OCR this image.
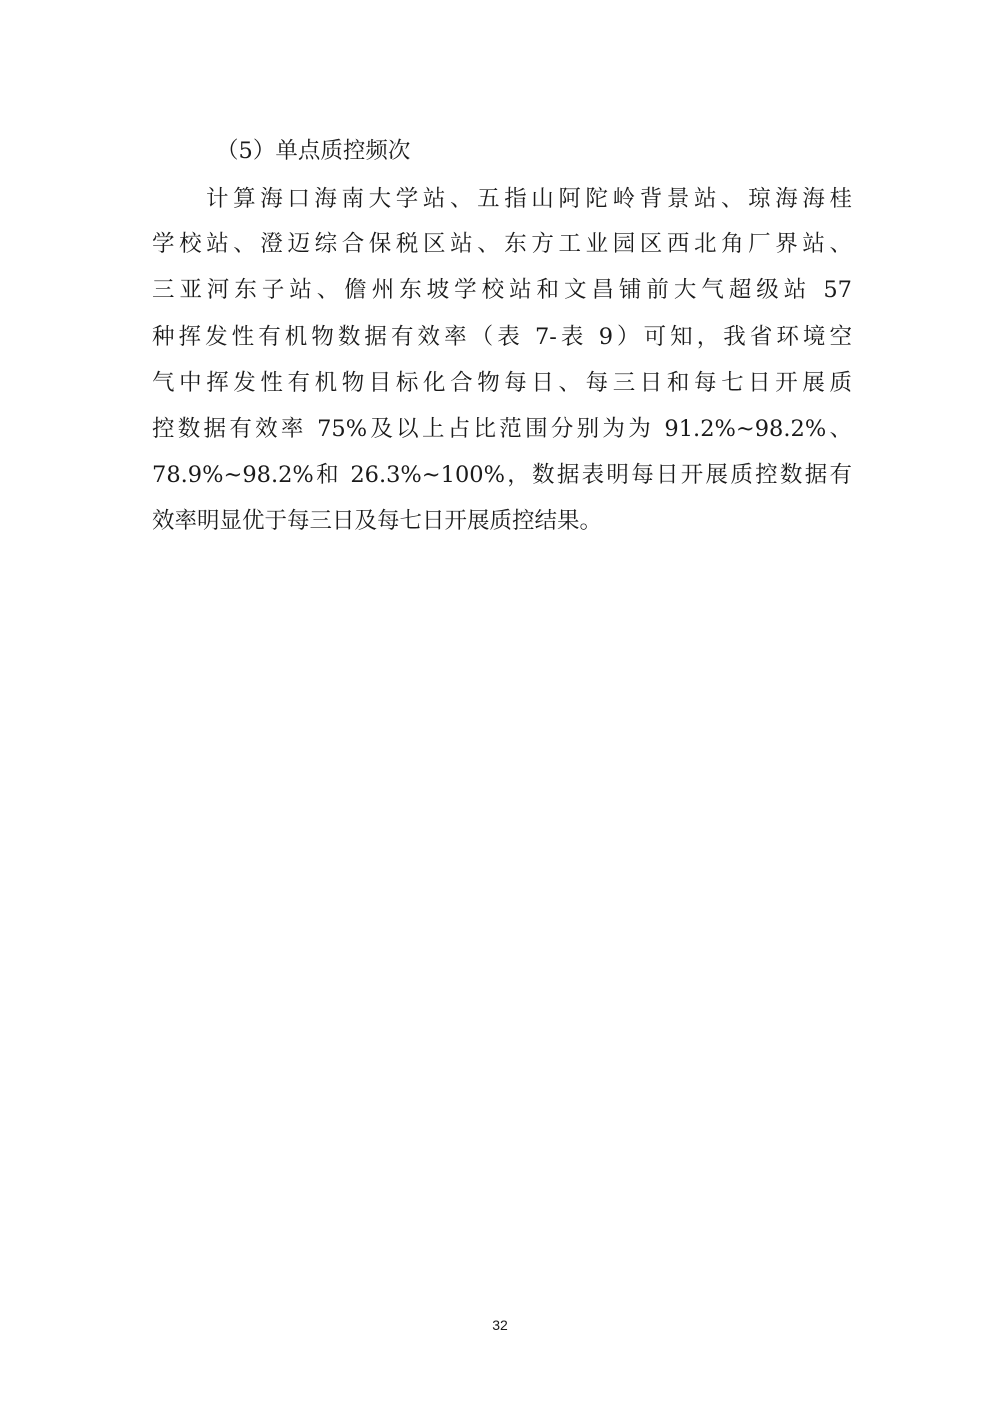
（5）单点质控频次

计算海口海南大学站、五指山阿陀岭背景站、琼海海桂

学校站、澄迈综合保税区站、东方工业园区西北角厂界站、

三亚河东子站、儋州东坡学校站和文昌铺前大气超级站 57

种挥发性有机物数据有效率（表 7-表 9）可知，我省环境空

气中挥发性有机物目标化合物每日、每三日和每七日开展质

控数据有效率 75%及以上占比范围分别为为 91.2%~98.2%、

78.9%~98.2%和 26.3%~100%，数据表明每日开展质控数据有

效率明显优于每三日及每七日开展质控结果。

32
